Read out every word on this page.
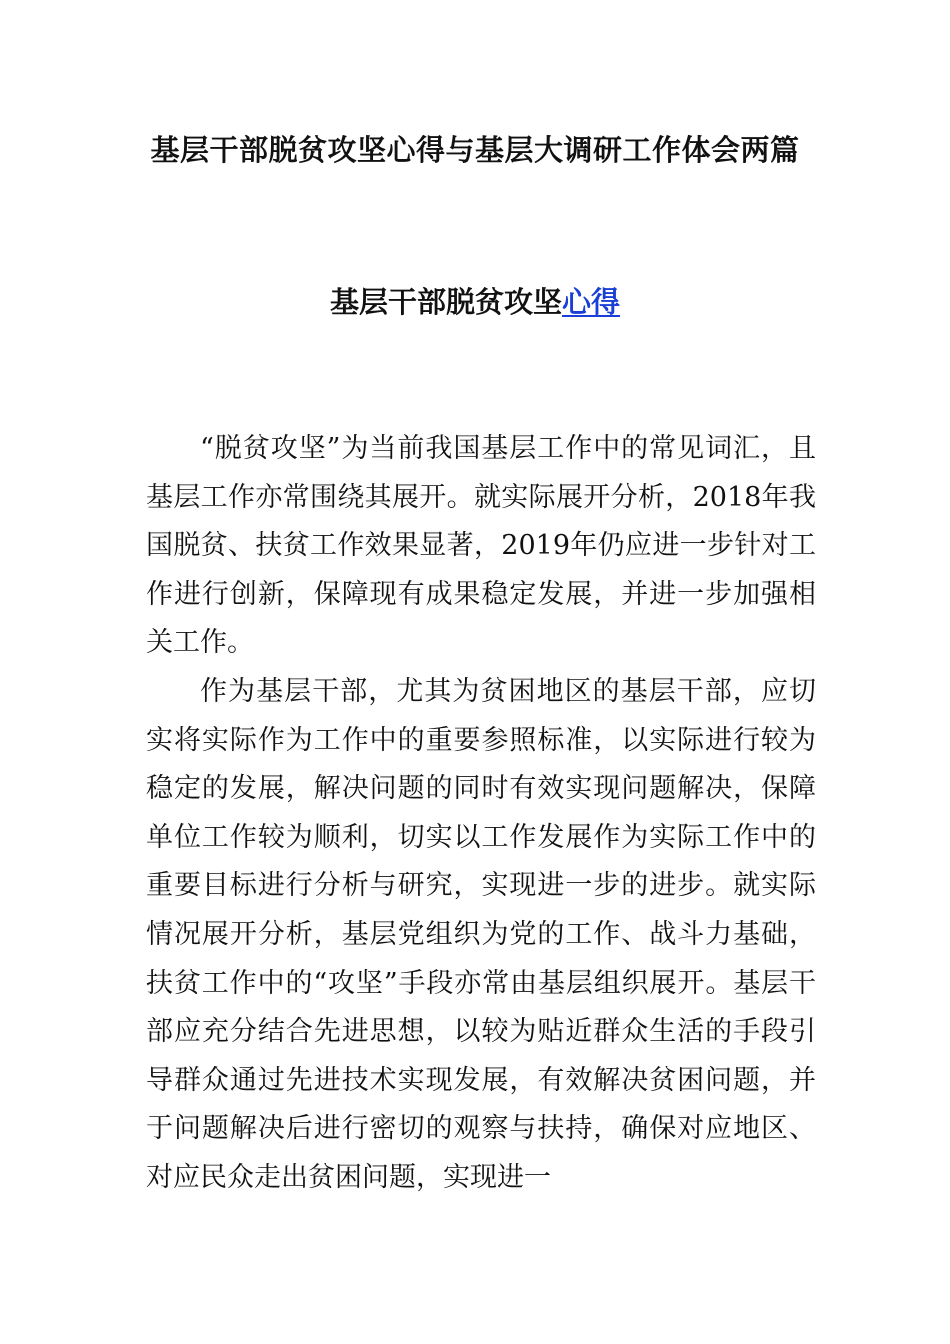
基层干部脱贫攻坚心得与基层大调研工作体会两篇
基层干部脱贫攻坚心得

“脱贫攻坚”为当前我国基层工作中的常见词汇，且基层工作亦常围绕其展开。就实际展开分析，2018年我国脱贫、扶贫工作效果显著，2019年仍应进一步针对工作进行创新，保障现有成果稳定发展，并进一步加强相关工作。

作为基层干部，尤其为贫困地区的基层干部，应切实将实际作为工作中的重要参照标准，以实际进行较为稳定的发展，解决问题的同时有效实现问题解决，保障单位工作较为顺利，切实以工作发展作为实际工作中的重要目标进行分析与研究，实现进一步的进步。就实际情况展开分析，基层党组织为党的工作、战斗力基础，扶贫工作中的“攻坚”手段亦常由基层组织展开。基层干部应充分结合先进思想，以较为贴近群众生活的手段引导群众通过先进技术实现发展，有效解决贫困问题，并于问题解决后进行密切的观察与扶持，确保对应地区、对应民众走出贫困问题，实现进一
